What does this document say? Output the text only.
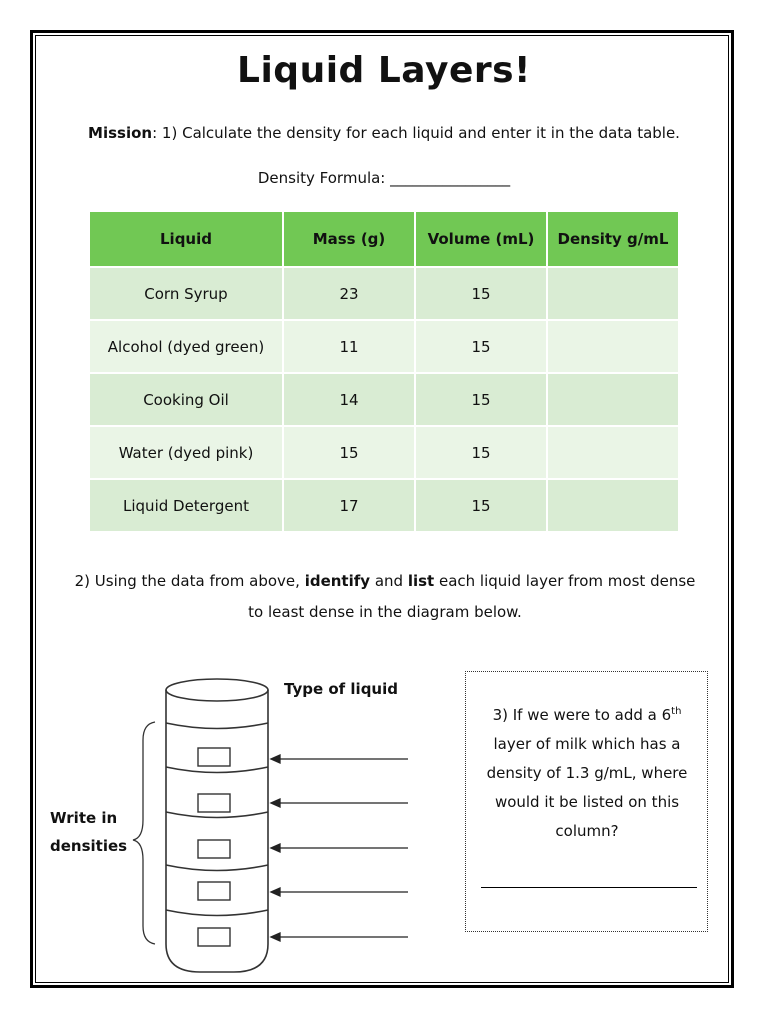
Liquid Layers!
Mission: 1) Calculate the density for each liquid and enter it in the data table.
Density Formula: ________________
Liquid	Mass (g)	Volume (mL)	Density g/mL
Corn Syrup	23	15	
Alcohol (dyed green)	11	15	
Cooking Oil	14	15	
Water (dyed pink)	15	15	
Liquid Detergent	17	15	
2) Using the data from above, identify and list each liquid layer from most dense
to least dense in the diagram below.
Type of liquid
Write in
densities
3) If we were to add a 6th
layer of milk which has a
density of 1.3 g/mL, where
would it be listed on this
column?
